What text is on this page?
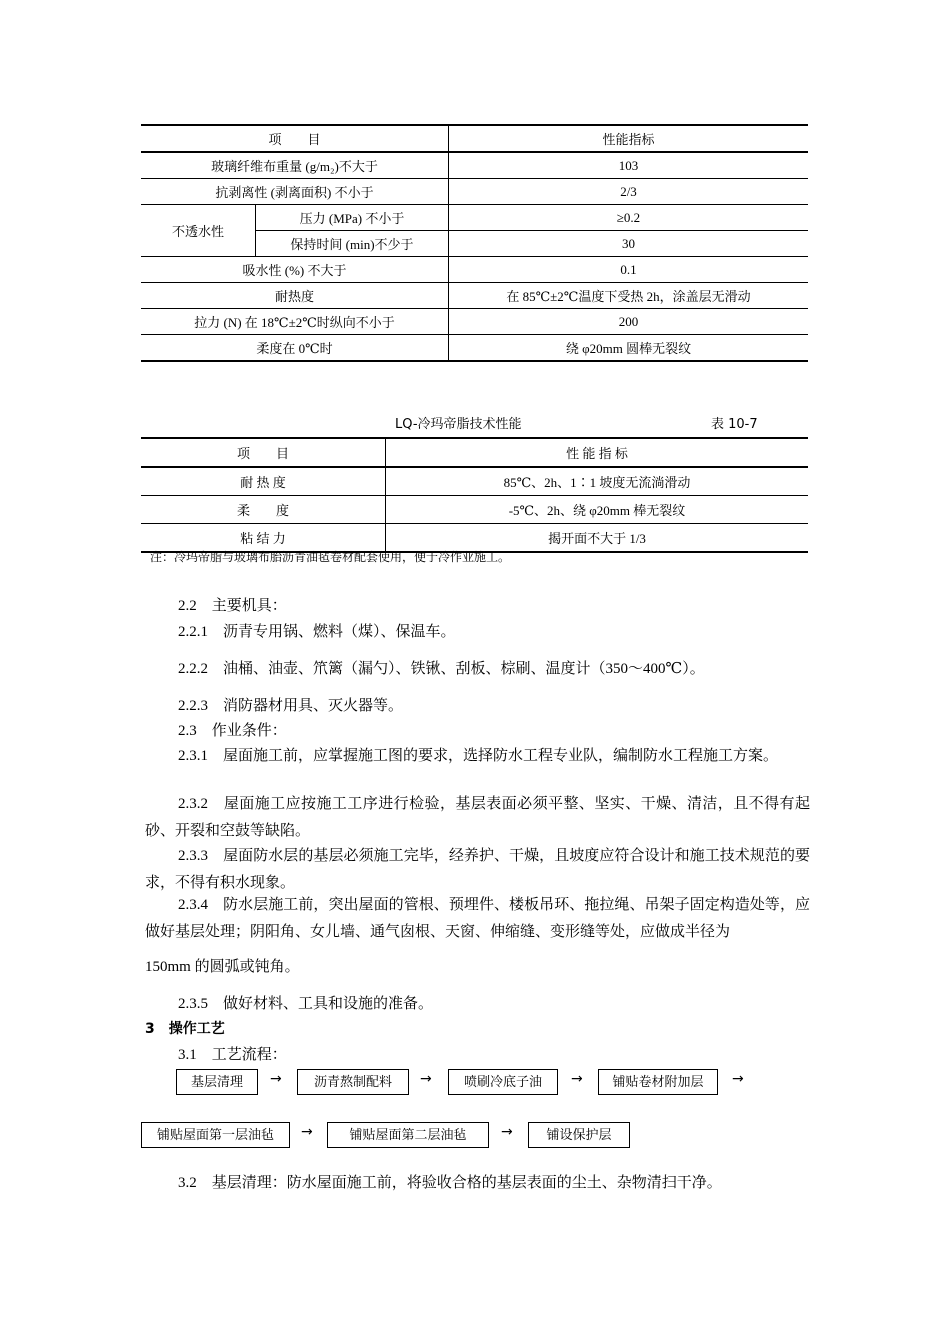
项　　目		性能指标
玻璃纤维布重量 (g/m₂)不大于		103
抗剥离性 (剥离面积) 不小于		2/3
不透水性	压力 (MPa) 不小于	≥0.2
	保持时间 (min)不少于	30
吸水性 (%) 不大于		0.1
耐热度		在 85℃±2℃温度下受热 2h，涂盖层无滑动
拉力 (N) 在 18℃±2℃时纵向不小于		200
柔度在 0℃时		绕 φ20mm 圆棒无裂纹
LQ-冷玛帝脂技术性能	表 10-7
项　　目	性 能 指 标
耐 热 度	85℃、2h、1∶1 坡度无流淌滑动
柔　　度	-5℃、2h、绕 φ20mm 棒无裂纹
粘 结 力	揭开面不大于 1/3
注：冷玛帝脂与玻璃布胎沥青油毡卷材配套使用，便于冷作业施工。
2.2　主要机具：
2.2.1　沥青专用锅、燃料（煤）、保温车。
2.2.2　油桶、油壶、笊篱（漏勺）、铁锹、刮板、棕刷、温度计（350～400℃）。
2.2.3　消防器材用具、灭火器等。
2.3　作业条件：
2.3.1　屋面施工前，应掌握施工图的要求，选择防水工程专业队，编制防水工程施工方案。
2.3.2　屋面施工应按施工工序进行检验，基层表面必须平整、坚实、干燥、清洁，且不得有起砂、开裂和空鼓等缺陷。
2.3.3　屋面防水层的基层必须施工完毕，经养护、干燥，且坡度应符合设计和施工技术规范的要求，不得有积水现象。
2.3.4　防水层施工前，突出屋面的管根、预埋件、楼板吊环、拖拉绳、吊架子固定构造处等，应做好基层处理；阴阳角、女儿墙、通气囱根、天窗、伸缩缝、变形缝等处，应做成半径为
150mm 的圆弧或钝角。
2.3.5　做好材料、工具和设施的准备。
3　操作工艺
3.1　工艺流程：
基层清理	→	沥青熬制配料	→	喷刷冷底子油	→	铺贴卷材附加层	→
铺贴屋面第一层油毡	→	铺贴屋面第二层油毡	→	铺设保护层
3.2　基层清理：防水屋面施工前，将验收合格的基层表面的尘土、杂物清扫干净。
